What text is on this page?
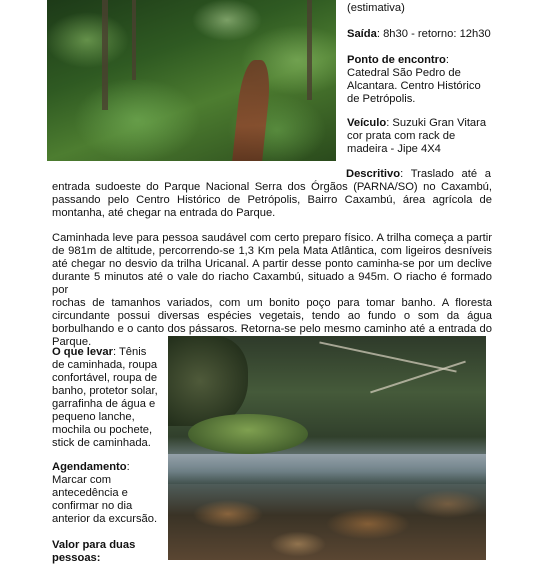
(estimativa)
Saída: 8h30 - retorno: 12h30
Ponto de encontro:
Catedral São Pedro de
Alcantara. Centro Histórico
de Petrópolis.
Veículo: Suzuki Gran Vitara
cor prata com rack de
madeira - Jipe 4X4
Descritivo: Traslado até a
entrada sudoeste do Parque Nacional Serra dos Órgãos (PARNA/SO) no Caxambú,
passando pelo Centro Histórico de Petrópolis, Bairro Caxambú, área agrícola de
montanha, até chegar na entrada do Parque.
Caminhada leve para pessoa saudável com certo preparo físico. A trilha começa a partir
de 981m de altitude, percorrendo-se 1,3 Km pela Mata Atlântica, com ligeiros desníveis
até chegar no desvio da trilha Uricanal. A partir desse ponto caminha-se por um declive
durante 5 minutos até o vale do riacho Caxambú, situado a 945m. O riacho é formado por
rochas de tamanhos variados, com um bonito poço para tomar banho. A floresta
circundante possui diversas espécies vegetais, tendo ao fundo o som da água
borbulhando e o canto dos pássaros. Retorna-se pelo mesmo caminho até a entrada do
Parque.
O que levar: Tênis
de caminhada, roupa
confortável, roupa de
banho, protetor solar,
garrafinha de água e
pequeno lanche,
mochila ou pochete,
stick de caminhada.
Agendamento:
Marcar com
antecedência e
confirmar no dia
anterior da excursão.
Valor para duas
pessoas:
